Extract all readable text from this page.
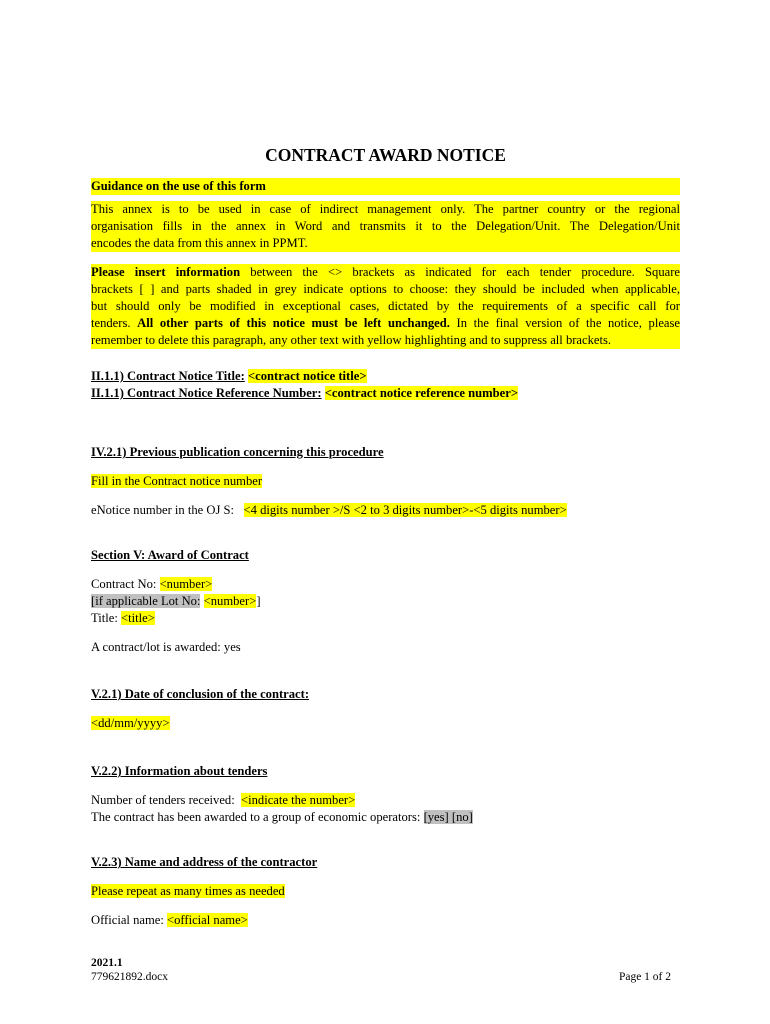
CONTRACT AWARD NOTICE
Guidance on the use of this form
This annex is to be used in case of indirect management only. The partner country or the regional
organisation fills in the annex in Word and transmits it to the Delegation/Unit. The Delegation/Unit
encodes the data from this annex in PPMT.
Please insert information between the <> brackets as indicated for each tender procedure. Square
brackets [ ] and parts shaded in grey indicate options to choose: they should be included when applicable,
but should only be modified in exceptional cases, dictated by the requirements of a specific call for
tenders. All other parts of this notice must be left unchanged. In the final version of the notice, please
remember to delete this paragraph, any other text with yellow highlighting and to suppress all brackets.
II.1.1) Contract Notice Title: <contract notice title>
II.1.1) Contract Notice Reference Number: <contract notice reference number>
IV.2.1) Previous publication concerning this procedure
Fill in the Contract notice number
eNotice number in the OJ S: <4 digits number >/S <2 to 3 digits number>-<5 digits number>
Section V: Award of Contract
Contract No: <number>
[if applicable Lot No: <number>]
Title: <title>
A contract/lot is awarded: yes
V.2.1) Date of conclusion of the contract:
<dd/mm/yyyy>
V.2.2) Information about tenders
Number of tenders received: <indicate the number>
The contract has been awarded to a group of economic operators: [yes] [no]
V.2.3) Name and address of the contractor
Please repeat as many times as needed
Official name: <official name>
2021.1
779621892.docx	Page 1 of 2
